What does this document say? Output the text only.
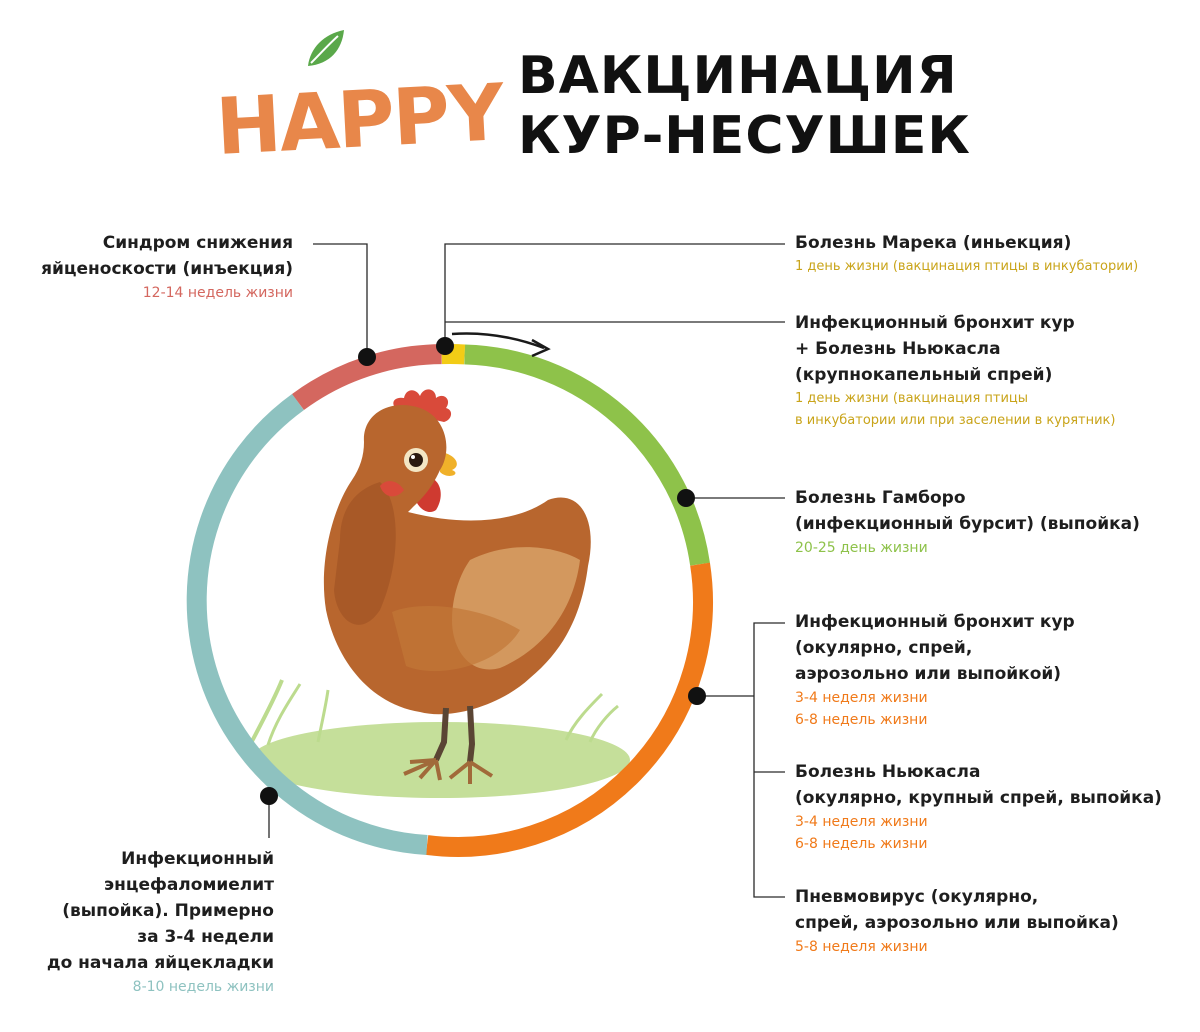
HAPPY ВАКЦИНАЦИЯ
КУР-НЕСУШЕК
Синдром снижения
яйценоскости (инъекция)
12-14 недель жизни
Болезнь Марека (иньекция)
1 день жизни (вакцинация птицы в инкубатории)
Инфекционный бронхит кур
+ Болезнь Ньюкасла
(крупнокапельный спрей)
1 день жизни (вакцинация птицы
в инкубатории или при заселении в курятник)
Болезнь Гамборо
(инфекционный бурсит) (выпойка)
20-25 день жизни
Инфекционный бронхит кур
(окулярно, спрей,
аэрозольно или выпойкой)
3-4 неделя жизни
6-8 недель жизни
Болезнь Ньюкасла
(окулярно, крупный спрей, выпойка)
3-4 неделя жизни
6-8 недель жизни
Пневмовирус (окулярно,
спрей, аэрозольно или выпойка)
5-8 неделя жизни
Инфекционный
энцефаломиелит
(выпойка). Примерно
за 3-4 недели
до начала яйцекладки
8-10 недель жизни
